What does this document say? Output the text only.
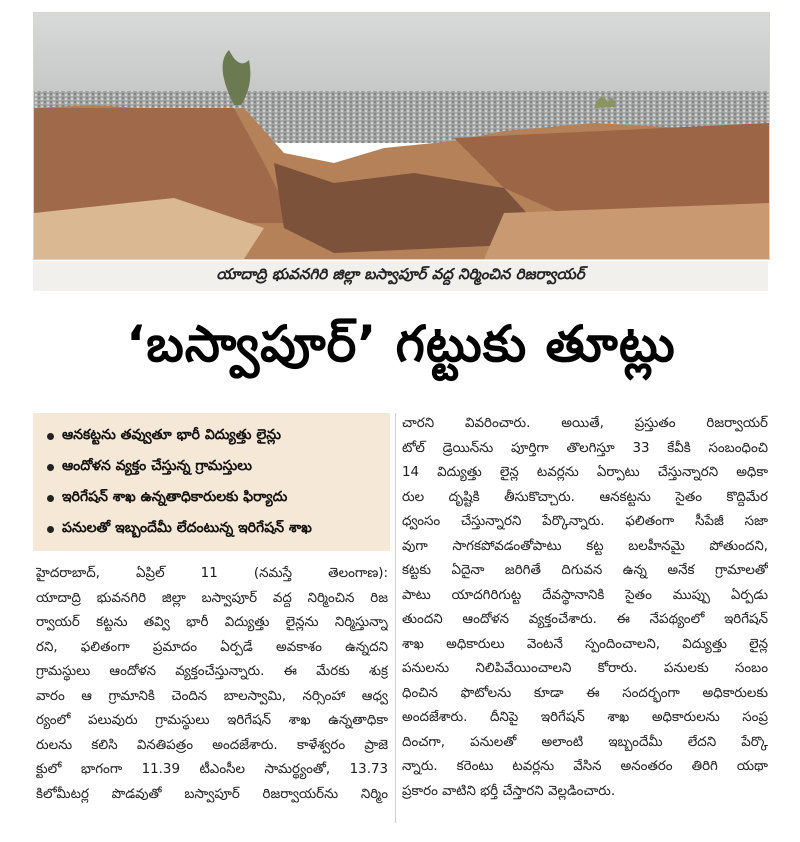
యాదాద్రి భువనగిరి జిల్లా బస్వాపూర్‌ వద్ద నిర్మించిన రిజర్వాయర్‌
‘బస్వాపూర్‌’ గట్టుకు తూట్లు
ఆనకట్టను తవ్వుతూ భారీ విద్యుత్తు లైన్లు
ఆందోళన వ్యక్తం చేస్తున్న గ్రామస్తులు
ఇరిగేషన్‌ శాఖ ఉన్నతాధికారులకు ఫిర్యాదు
పనులతో ఇబ్బందేమీ లేదంటున్న ఇరిగేషన్‌ శాఖ
హైదరాబాద్‌, ఏప్రిల్‌ 11 (నమస్తే తెలంగాణ):
యాదాద్రి భువనగిరి జిల్లా బస్వాపూర్‌ వద్ద నిర్మించిన రిజ
ర్వాయర్‌ కట్టను తవ్వి భారీ విద్యుత్తు లైన్లను నిర్మిస్తున్నా
రని, ఫలితంగా ప్రమాదం ఏర్పడే అవకాశం ఉన్నదని
గ్రామస్థులు ఆందోళన వ్యక్తంచేస్తున్నారు. ఈ మేరకు శుక్ర
వారం ఆ గ్రామానికి చెందిన బాలస్వామి, నర్సింహా ఆధ్వ
ర్యంలో పలువురు గ్రామస్థులు ఇరిగేషన్‌ శాఖ ఉన్నతాధికా
రులను కలిసి వినతిపత్రం అందజేశారు. కాళేశ్వరం ప్రాజె
క్టులో భాగంగా 11.39 టీఎంసీల సామర్థ్యంతో, 13.73
కిలోమీటర్ల పొడవుతో బస్వాపూర్‌ రిజర్వాయర్‌ను నిర్మిం
చారని వివరించారు. అయితే, ప్రస్తుతం రిజర్వాయర్‌
టోల్‌ డ్రెయిన్‌ను పూర్తిగా తొలగిస్తూ 33 కేవీకి సంబంధించి
14 విద్యుత్తు లైన్ల టవర్లను ఏర్పాటు చేస్తున్నారని అధికా
రుల దృష్టికి తీసుకొచ్చారు. ఆనకట్టను సైతం కొద్దిమేర
ధ్వంసం చేస్తున్నారని పేర్కొన్నారు. ఫలితంగా సీపేజీ సజా
వుగా సాగకపోవడంతోపాటు కట్ట బలహీనమై పోతుందని,
కట్టకు ఏదైనా జరిగితే దిగువన ఉన్న అనేక గ్రామాలతో
పాటు యాదగిరిగుట్ట దేవస్థానానికి సైతం ముప్పు ఏర్పడు
తుందని ఆందోళన వ్యక్తంచేశారు. ఈ నేపథ్యంలో ఇరిగేషన్‌
శాఖ అధికారులు వెంటనే స్పందించాలని, విద్యుత్తు లైన్ల
పనులను నిలిపివేయించాలని కోరారు. పనులకు సంబం
ధించిన ఫొటోలను కూడా ఈ సందర్భంగా అధికారులకు
అందజేశారు. దీనిపై ఇరిగేషన్‌ శాఖ అధికారులను సంప్ర
దించగా, పనులతో అలాంటి ఇబ్బందేమీ లేదని పేర్కొ
న్నారు. కరెంటు టవర్లను వేసిన అనంతరం తిరిగి యథా
ప్రకారం వాటిని భర్తీ చేస్తారని వెల్లడించారు.
